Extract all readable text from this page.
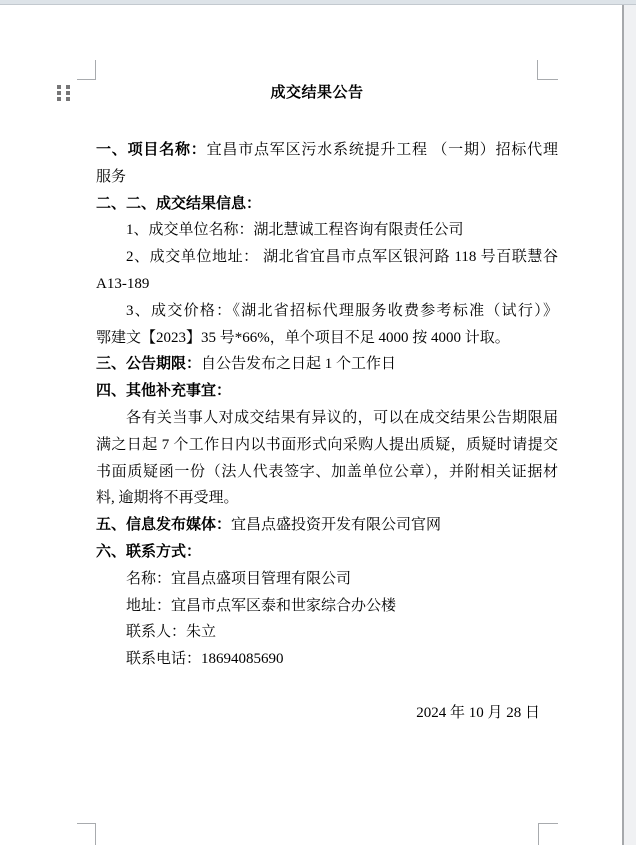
成交结果公告
一、项目名称：宜昌市点军区污水系统提升工程 （一期）招标代理
服务
二、二、成交结果信息：
1、成交单位名称：湖北慧诚工程咨询有限责任公司
2、成交单位地址： 湖北省宜昌市点军区银河路 118 号百联慧谷
A13-189
3、成交价格：《湖北省招标代理服务收费参考标准（试行）》
鄂建文【2023】35 号*66%，单个项目不足 4000 按 4000 计取。
三、公告期限：自公告发布之日起 1 个工作日
四、其他补充事宜：
各有关当事人对成交结果有异议的，可以在成交结果公告期限届
满之日起 7 个工作日内以书面形式向采购人提出质疑，质疑时请提交
书面质疑函一份（法人代表签字、加盖单位公章），并附相关证据材
料, 逾期将不再受理。
五、信息发布媒体：宜昌点盛投资开发有限公司官网
六、联系方式：
名称：宜昌点盛项目管理有限公司
地址：宜昌市点军区泰和世家综合办公楼
联系人：朱立
联系电话：18694085690
2024 年 10 月 28 日
